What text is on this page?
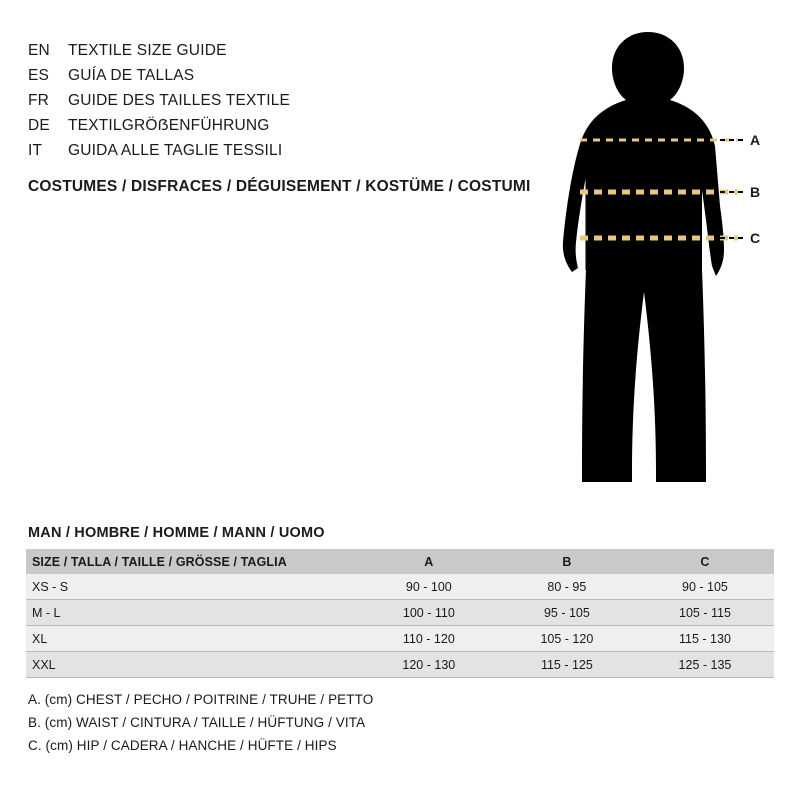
EN	TEXTILE SIZE GUIDE
ES	GUÍA DE TALLAS
FR	GUIDE DES TAILLES TEXTILE
DE	TEXTILGRÖẞENFÜHRUNG
IT	GUIDA ALLE TAGLIE TESSILI
COSTUMES / DISFRACES / DÉGUISEMENT / KOSTÜME / COSTUMI
A
B
C
MAN / HOMBRE / HOMME / MANN / UOMO
SIZE / TALLA / TAILLE / GRÖSSE / TAGLIA	A	B	C
XS - S	90 - 100	80 - 95	90 - 105
M - L	100 - 110	95 - 105	105 - 115
XL	110 - 120	105 - 120	115 - 130
XXL	120 - 130	115 - 125	125 - 135
A. (cm) CHEST / PECHO / POITRINE / TRUHE / PETTO
B. (cm) WAIST / CINTURA / TAILLE / HÜFTUNG / VITA
C. (cm) HIP / CADERA / HANCHE / HÜFTE / HIPS
